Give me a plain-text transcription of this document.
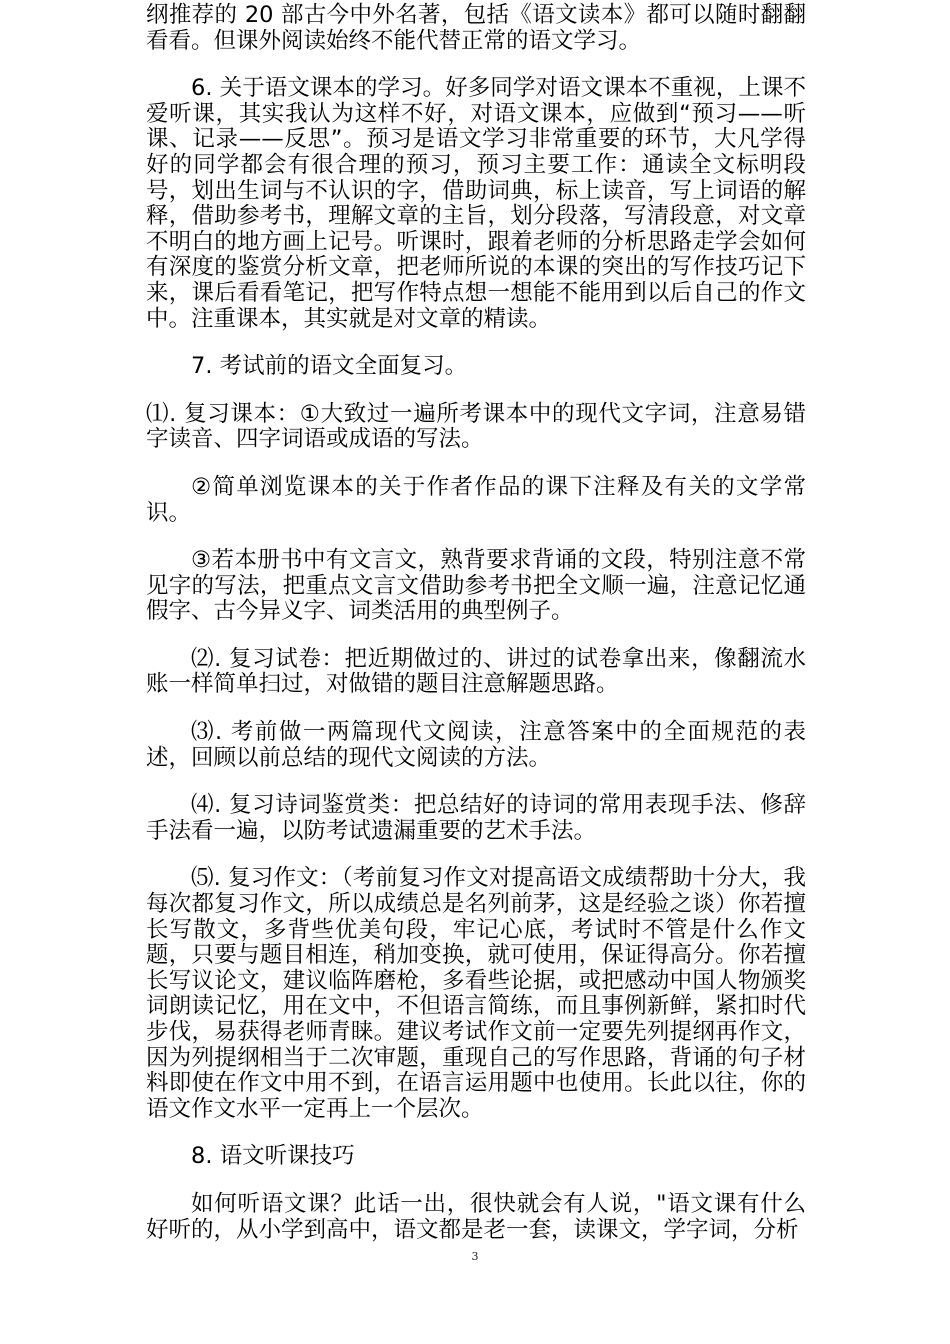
纲推荐的 20 部古今中外名著，包括《语文读本》都可以随时翻翻看看。但课外阅读始终不能代替正常的语文学习。

6. 关于语文课本的学习。好多同学对语文课本不重视，上课不爱听课，其实我认为这样不好，对语文课本，应做到“预习——听课、记录——反思”。预习是语文学习非常重要的环节，大凡学得好的同学都会有很合理的预习，预习主要工作：通读全文标明段号，划出生词与不认识的字，借助词典，标上读音，写上词语的解释，借助参考书，理解文章的主旨，划分段落，写清段意，对文章不明白的地方画上记号。听课时，跟着老师的分析思路走学会如何有深度的鉴赏分析文章，把老师所说的本课的突出的写作技巧记下来，课后看看笔记，把写作特点想一想能不能用到以后自己的作文中。注重课本，其实就是对文章的精读。

7. 考试前的语文全面复习。

⑴. 复习课本：①大致过一遍所考课本中的现代文字词，注意易错字读音、四字词语或成语的写法。

②简单浏览课本的关于作者作品的课下注释及有关的文学常识。

③若本册书中有文言文，熟背要求背诵的文段，特别注意不常见字的写法，把重点文言文借助参考书把全文顺一遍，注意记忆通假字、古今异义字、词类活用的典型例子。

⑵. 复习试卷：把近期做过的、讲过的试卷拿出来，像翻流水账一样简单扫过，对做错的题目注意解题思路。

⑶. 考前做一两篇现代文阅读，注意答案中的全面规范的表述，回顾以前总结的现代文阅读的方法。

⑷. 复习诗词鉴赏类：把总结好的诗词的常用表现手法、修辞手法看一遍，以防考试遗漏重要的艺术手法。

⑸. 复习作文：（考前复习作文对提高语文成绩帮助十分大，我每次都复习作文，所以成绩总是名列前茅，这是经验之谈）你若擅长写散文，多背些优美句段，牢记心底，考试时不管是什么作文题，只要与题目相连，稍加变换，就可使用，保证得高分。你若擅长写议论文，建议临阵磨枪，多看些论据，或把感动中国人物颁奖词朗读记忆，用在文中，不但语言简练，而且事例新鲜，紧扣时代步伐，易获得老师青睐。建议考试作文前一定要先列提纲再作文，因为列提纲相当于二次审题，重现自己的写作思路，背诵的句子材料即使在作文中用不到，在语言运用题中也使用。长此以往，你的语文作文水平一定再上一个层次。

8. 语文听课技巧

如何听语文课？此话一出，很快就会有人说，"语文课有什么好听的，从小学到高中，语文都是老一套，读课文，学字词，分析

3
